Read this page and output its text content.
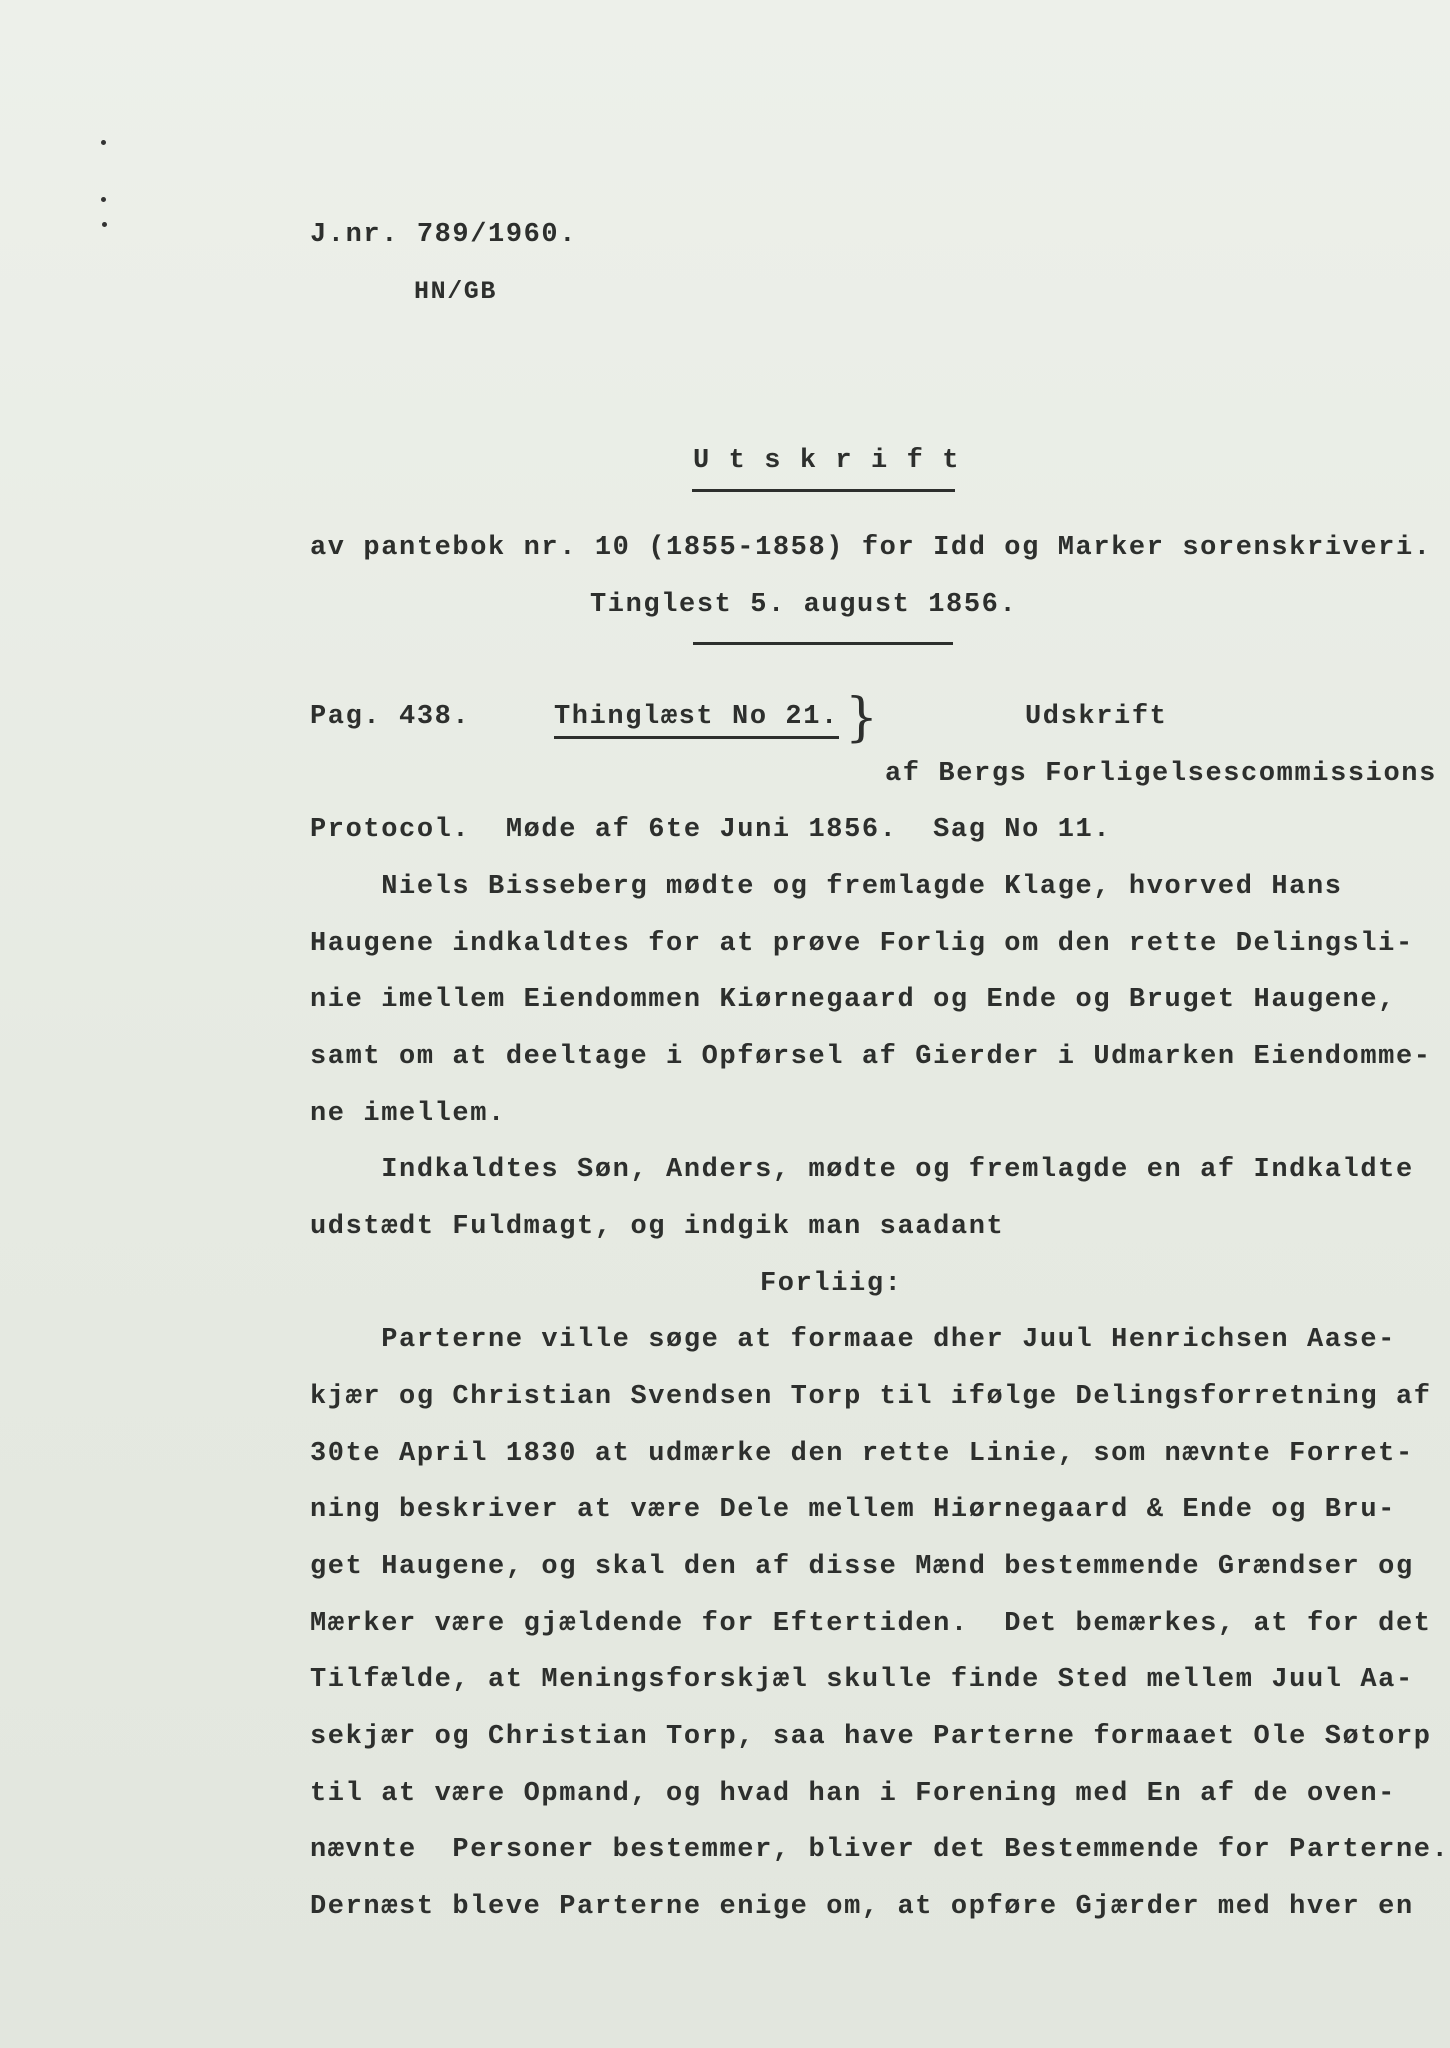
J.nr. 789/1960.
HN/GB
U t s k r i f t
av pantebok nr. 10 (1855-1858) for Idd og Marker sorenskriveri.
Tinglest 5. august 1856.
Pag. 438.	Thinglæst No 21. }	Udskrift
af Bergs Forligelsescommissions
Protocol.  Møde af 6te Juni 1856.  Sag No 11.
Niels Bisseberg mødte og fremlagde Klage, hvorved Hans
Haugene indkaldtes for at prøve Forlig om den rette Delingsli-
nie imellem Eiendommen Kiørnegaard og Ende og Bruget Haugene,
samt om at deeltage i Opførsel af Gierder i Udmarken Eiendomme-
ne imellem.
Indkaldtes Søn, Anders, mødte og fremlagde en af Indkaldte
udstædt Fuldmagt, og indgik man saadant
Forliig:
Parterne ville søge at formaae dher Juul Henrichsen Aase-
kjær og Christian Svendsen Torp til ifølge Delingsforretning af
30te April 1830 at udmærke den rette Linie, som nævnte Forret-
ning beskriver at være Dele mellem Hiørnegaard & Ende og Bru-
get Haugene, og skal den af disse Mænd bestemmende Grændser og
Mærker være gjældende for Eftertiden.  Det bemærkes, at for det
Tilfælde, at Meningsforskjæl skulle finde Sted mellem Juul Aa-
sekjær og Christian Torp, saa have Parterne formaaet Ole Søtorp
til at være Opmand, og hvad han i Forening med En af de oven-
nævnte  Personer bestemmer, bliver det Bestemmende for Parterne.
Dernæst bleve Parterne enige om, at opføre Gjærder med hver en
